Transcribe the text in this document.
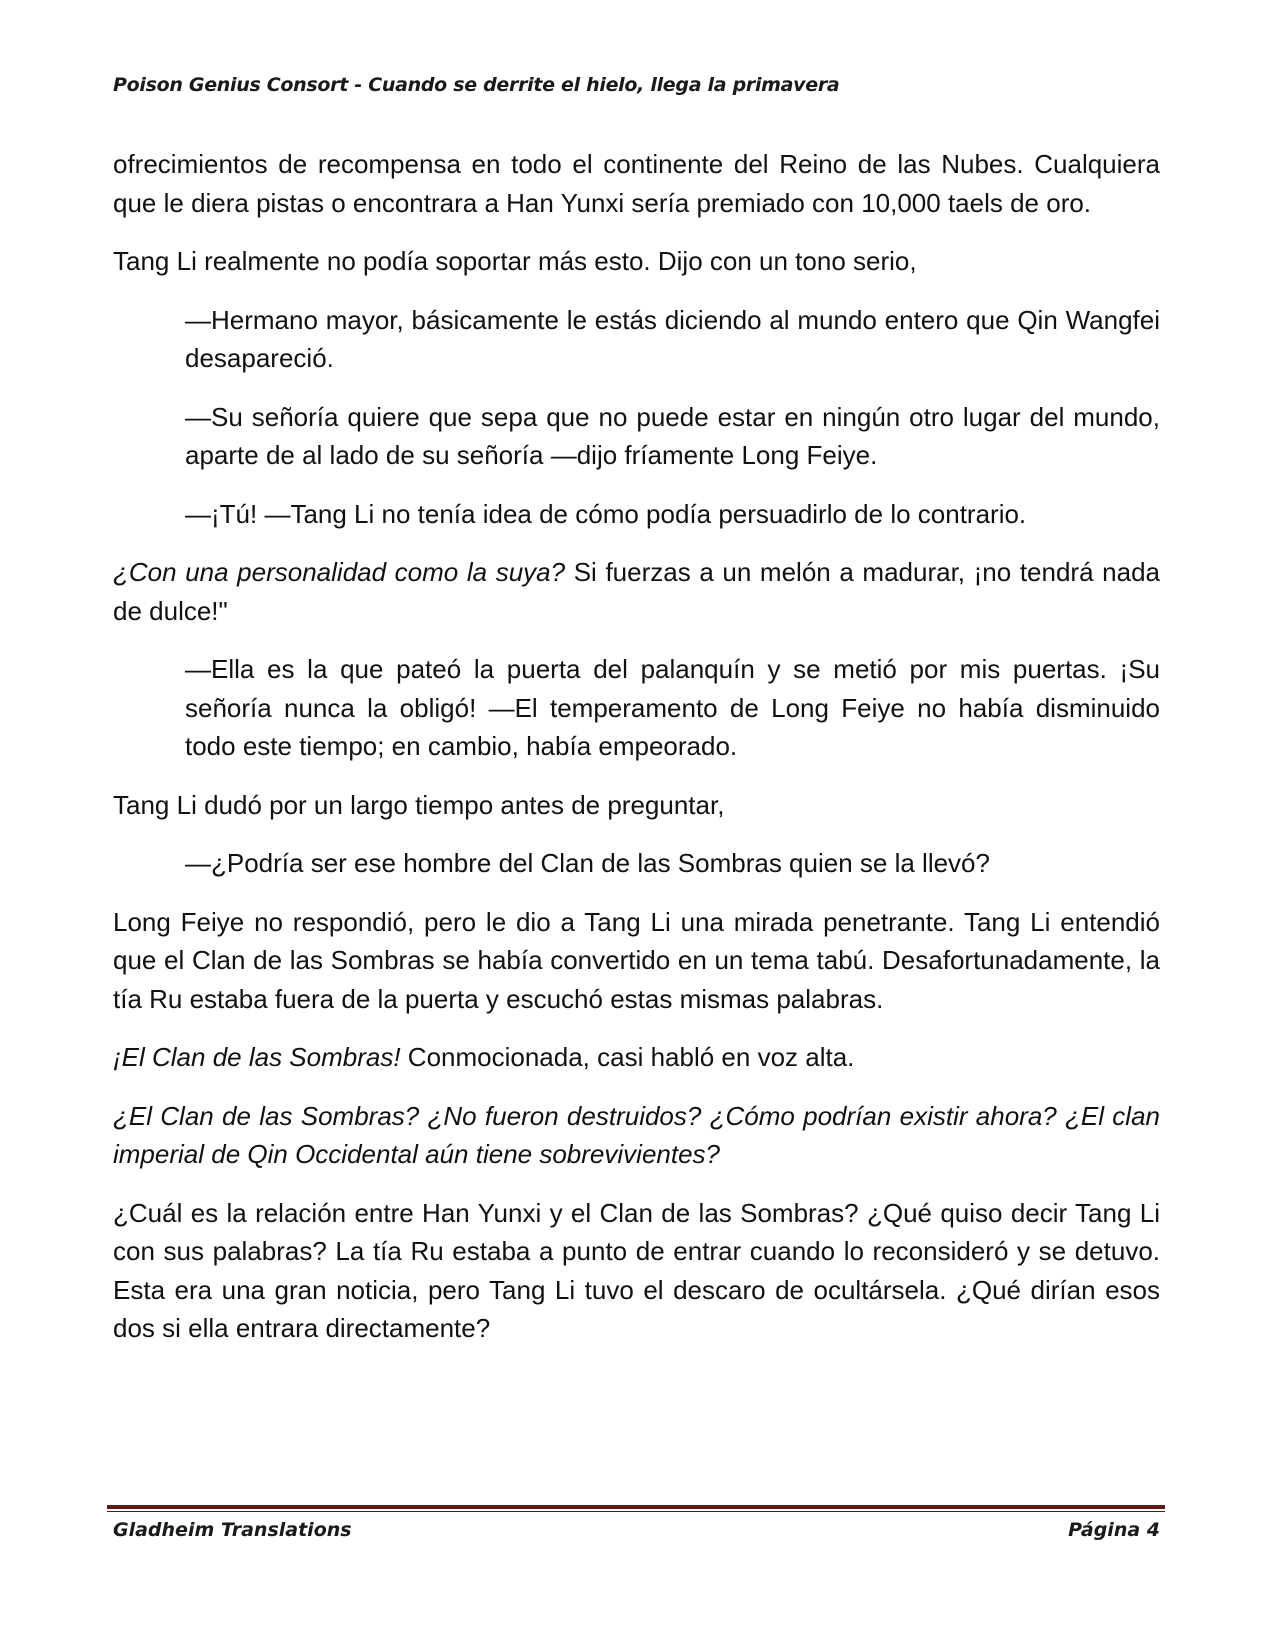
Poison Genius Consort - Cuando se derrite el hielo, llega la primavera

ofrecimientos de recompensa en todo el continente del Reino de las Nubes. Cualquiera que le diera pistas o encontrara a Han Yunxi sería premiado con 10,000 taels de oro.

Tang Li realmente no podía soportar más esto. Dijo con un tono serio,

—Hermano mayor, básicamente le estás diciendo al mundo entero que Qin Wangfei desapareció.

—Su señoría quiere que sepa que no puede estar en ningún otro lugar del mundo, aparte de al lado de su señoría —dijo fríamente Long Feiye.

—¡Tú! —Tang Li no tenía idea de cómo podía persuadirlo de lo contrario.

¿Con una personalidad como la suya? Si fuerzas a un melón a madurar, ¡no tendrá nada de dulce!"

—Ella es la que pateó la puerta del palanquín y se metió por mis puertas. ¡Su señoría nunca la obligó! —El temperamento de Long Feiye no había disminuido todo este tiempo; en cambio, había empeorado.

Tang Li dudó por un largo tiempo antes de preguntar,

—¿Podría ser ese hombre del Clan de las Sombras quien se la llevó?

Long Feiye no respondió, pero le dio a Tang Li una mirada penetrante. Tang Li entendió que el Clan de las Sombras se había convertido en un tema tabú. Desafortunadamente, la tía Ru estaba fuera de la puerta y escuchó estas mismas palabras.

¡El Clan de las Sombras! Conmocionada, casi habló en voz alta.

¿El Clan de las Sombras? ¿No fueron destruidos? ¿Cómo podrían existir ahora? ¿El clan imperial de Qin Occidental aún tiene sobrevivientes?

¿Cuál es la relación entre Han Yunxi y el Clan de las Sombras? ¿Qué quiso decir Tang Li con sus palabras? La tía Ru estaba a punto de entrar cuando lo reconsideró y se detuvo. Esta era una gran noticia, pero Tang Li tuvo el descaro de ocultársela. ¿Qué dirían esos dos si ella entrara directamente?

Gladheim Translations	Página 4
